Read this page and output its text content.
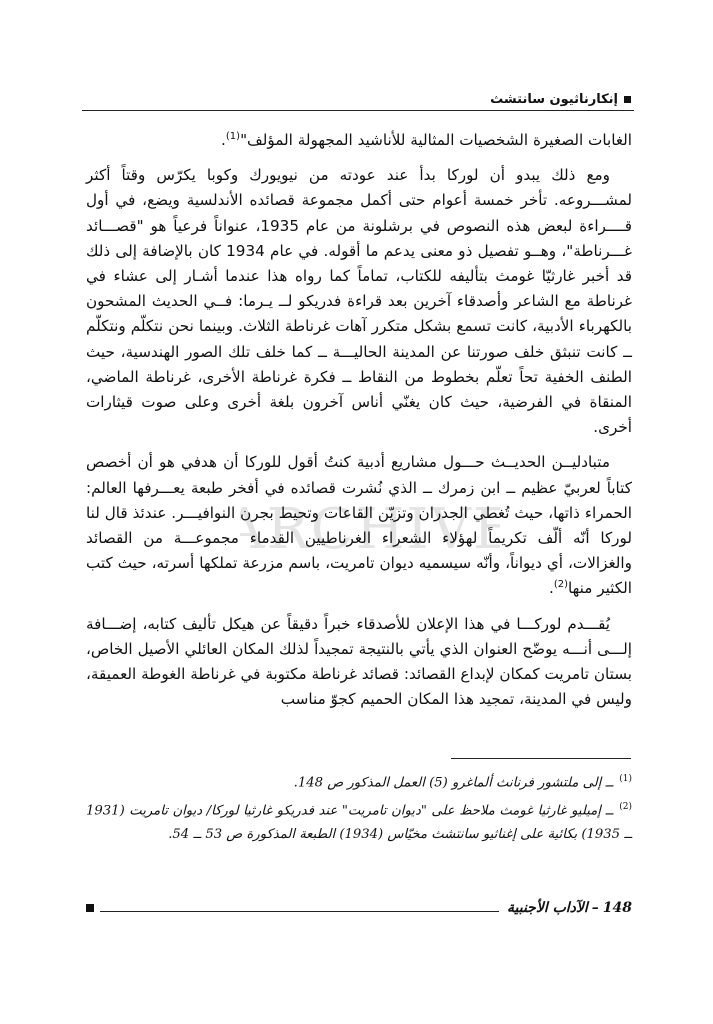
إنكارناثيون سانتشث
ARCHIVE

الغابات الصغيرة الشخصيات المثالية للأناشيد المجهولة المؤلف"$^{(1)}$.

ومع ذلك يبدو أن لوركا بدأ عند عودته من نيويورك وكوبا يكرّس وقتاً أكثر لمشـــروعه. تأخر خمسة أعوام حتى أكمل مجموعة قصائده الأندلسية ويضع، في أول قــــراءة لبعض هذه النصوص في برشلونة من عام 1935، عنواناً فرعياً هو "قصـــائد غـــرناطة"، وهــو تفصيل ذو معنى يدعم ما أقوله. في عام 1934 كان بالإضافة إلى ذلك قد أخبر غارثيّا غومث بتأليفه للكتاب، تماماً كما رواه هذا عندما أشـار إلى عشاء في غرناطة مع الشاعر وأصدقاء آخرين بعد قراءة فدريكو لــ يـرما: فــي الحديث المشحون بالكهرباء الأدبية، كانت تسمع بشكل متكرر آهات غرناطة الثلاث. وبينما نحن نتكلّم ونتكلّم ــ كانت تنبثق خلف صورتنا عن المدينة الحاليـــة ــ كما خلف تلك الصور الهندسية، حيث الطنف الخفية تحاً تعلّم بخطوط من النقاط ــ فكرة غرناطة الأخرى، غرناطة الماضي، المنقاة في الفرضية، حيث كان يغنّي أناس آخرون بلغة أخرى وعلى صوت قيثارات أخرى.

متبادليــن الحديــث حـــول مشاريع أدبية كنتُ أقول للوركا أن هدفي هو أن أخصص كتاباً لعربيّ عظيم ــ ابن زمرك ــ الذي نُشرت قصائده في أفخر طبعة يعـــرفها العالم: الحمراء ذاتها، حيث تُغطي الجدران وتزيّن القاعات وتحيط بجرن النوافيـــر. عندئذ قال لنا لوركا أنّه ألّف تكريماً لهؤلاء الشعراء الغرناطيين القدماء مجموعـــة من القصائد والغزالات، أي ديواناً، وأنّه سيسميه ديوان تامريت، باسم مزرعة تملكها أسرته، حيث كتب الكثير منها$^{(2)}$.

يُقـــدم لوركـــا في هذا الإعلان للأصدقاء خبراً دقيقاً عن هيكل تأليف كتابه، إضـــافة إلـــى أنـــه يوضّح العنوان الذي يأتي بالنتيجة تمجيداً لذلك المكان العائلي الأصيل الخاص، بستان تامريت كمكان لإبداع القصائد: قصائد غرناطة مكتوبة في غرناطة الغوطة العميقة، وليس في المدينة، تمجيد هذا المكان الحميم كجوّ مناسب

$^{(1)}$ــ إلى ملتشور فرنانث ألماغرو (5) العمل المذكور ص 148.

$^{(2)}$ــ إميليو غارثيا غومث ملاحظ على "ديوان تامريت" عند فدريكو غارثيا لوركا/ ديوان تامريت (1931 ــ 1935) بكائية على إغناثيو سانتشث مخيّاس (1934) الطبعة المذكورة ص 53 ــ 54.

148
–
الآداب الأجنبية
